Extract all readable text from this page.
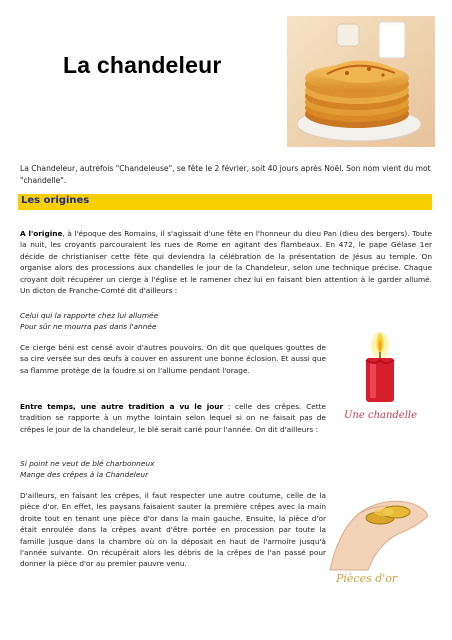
La chandeleur
La Chandeleur, autrefois "Chandeleuse", se fête le 2 février, soit 40 jours après Noël. Son nom vient du mot "chandelle".
Les origines
A l'origine, à l'époque des Romains, il s'agissait d'une fête en l'honneur du dieu Pan (dieu des bergers). Toute la nuit, les croyants parcouraient les rues de Rome en agitant des flambeaux. En 472, le pape Gélase 1er décide de christianiser cette fête qui deviendra la célébration de la présentation de Jésus au temple. On organise alors des processions aux chandelles le jour de la Chandeleur, selon une technique précise. Chaque croyant doit récupérer un cierge à l'église et le ramener chez lui en faisant bien attention à le garder allumé. Un dicton de Franche-Comté dit d'ailleurs :
Celui qui la rapporte chez lui allumée
Pour sûr ne mourra pas dans l'année
Ce cierge béni est censé avoir d'autres pouvoirs. On dit que quelques gouttes de sa cire versée sur des œufs à couver en assurent une bonne éclosion. Et aussi que sa flamme protège de la foudre si on l'allume pendant l'orage.
Entre temps, une autre tradition a vu le jour : celle des crêpes. Cette tradition se rapporte à un mythe lointain selon lequel si on ne faisait pas de crêpes le jour de la chandeleur, le blé serait carié pour l'année. On dit d'ailleurs :
Si point ne veut de blé charbonneux
Mange des crêpes à la Chandeleur
D'ailleurs, en faisant les crêpes, il faut respecter une autre coutume, celle de la pièce d'or. En effet, les paysans faisaient sauter la première crêpes avec la main droite tout en tenant une pièce d'or dans la main gauche. Ensuite, la pièce d'or était enroulée dans la crêpes avant d'être portée en procession par toute la famille jusque dans la chambre où on la déposait en haut de l'armoire jusqu'à l'année suivante. On récupérait alors les débris de la crêpes de l'an passé pour donner la pièce d'or au premier pauvre venu.
Une chandelle
Pièces d'or
